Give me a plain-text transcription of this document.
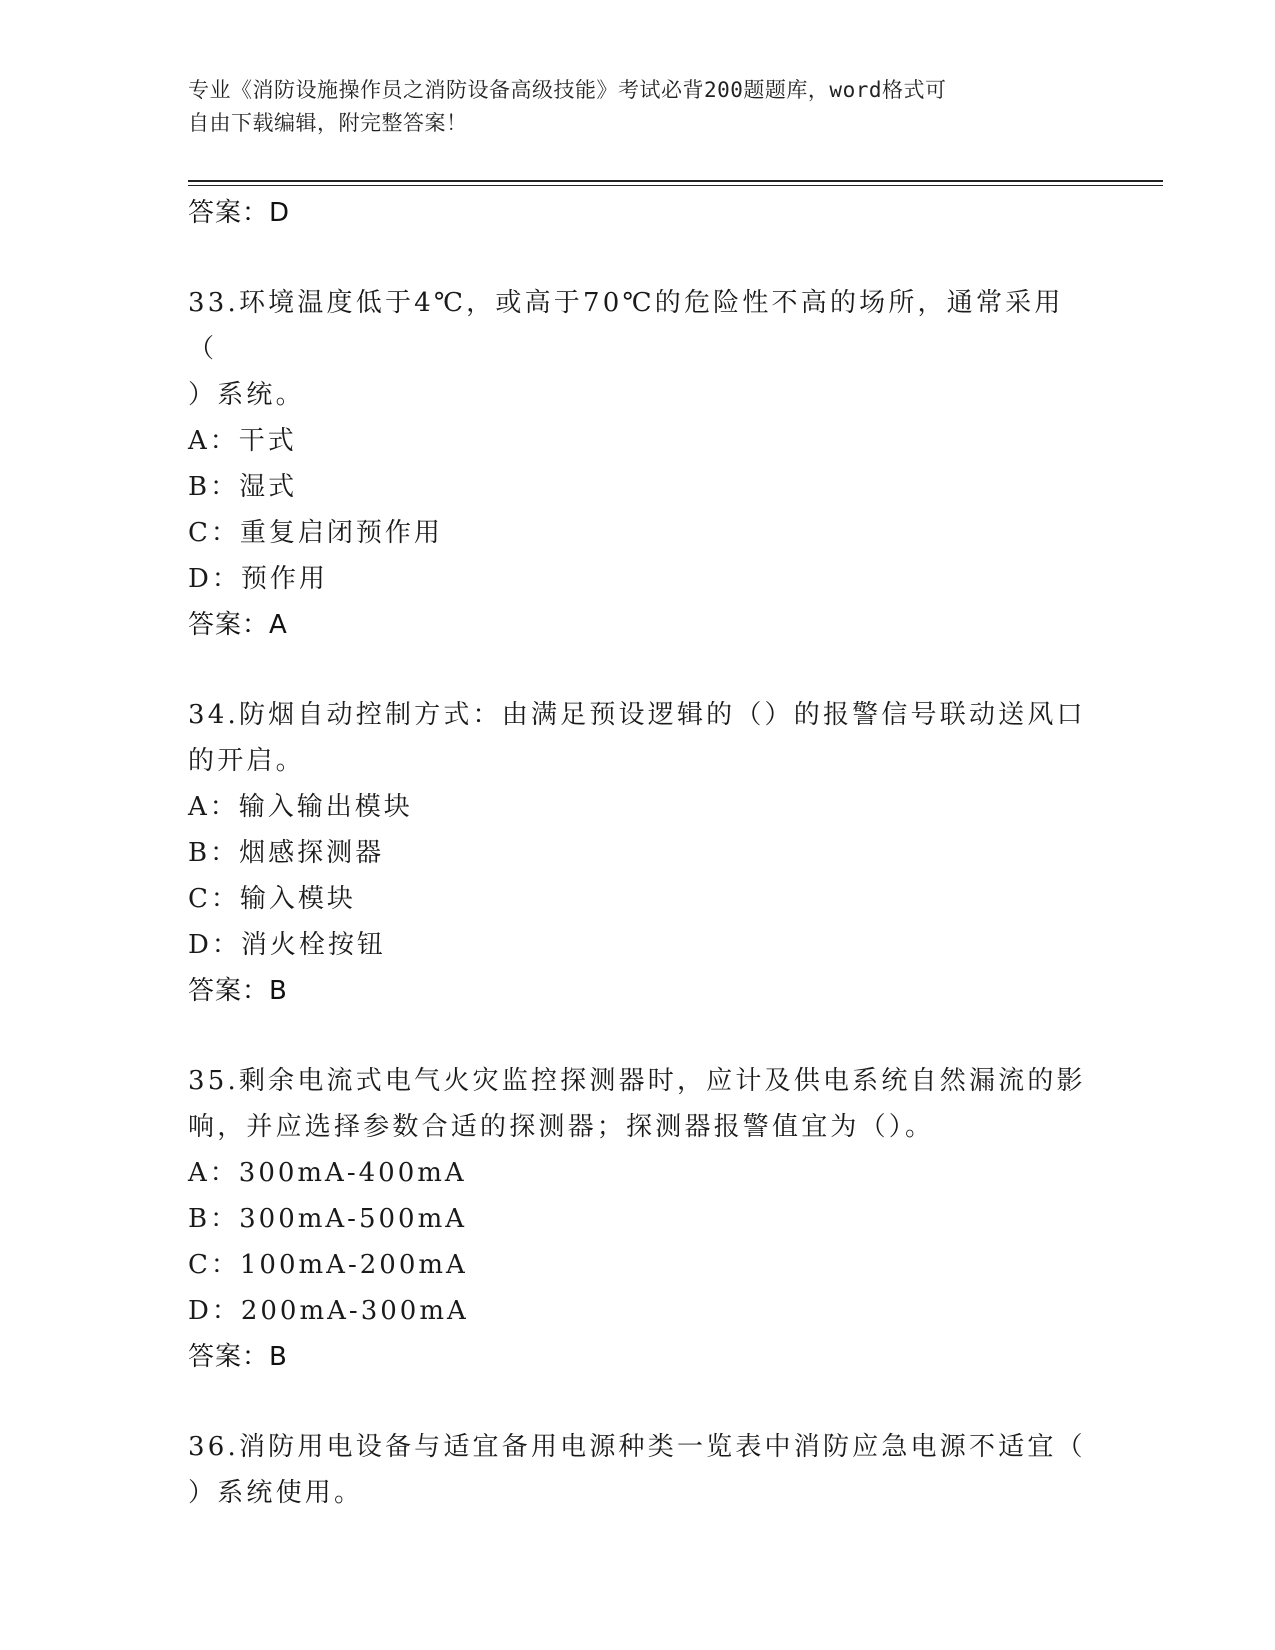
专业《消防设施操作员之消防设备高级技能》考试必背200题题库，word格式可
自由下载编辑，附完整答案！
答案：D
33.环境温度低于4℃，或高于70℃的危险性不高的场所，通常采用（
）系统。
A：干式
B：湿式
C：重复启闭预作用
D：预作用
答案：A
34.防烟自动控制方式：由满足预设逻辑的（）的报警信号联动送风口
的开启。
A：输入输出模块
B：烟感探测器
C：输入模块
D：消火栓按钮
答案：B
35.剩余电流式电气火灾监控探测器时，应计及供电系统自然漏流的影
响，并应选择参数合适的探测器；探测器报警值宜为（）。
A：300mA-400mA
B：300mA-500mA
C：100mA-200mA
D：200mA-300mA
答案：B
36.消防用电设备与适宜备用电源种类一览表中消防应急电源不适宜（
）系统使用。
